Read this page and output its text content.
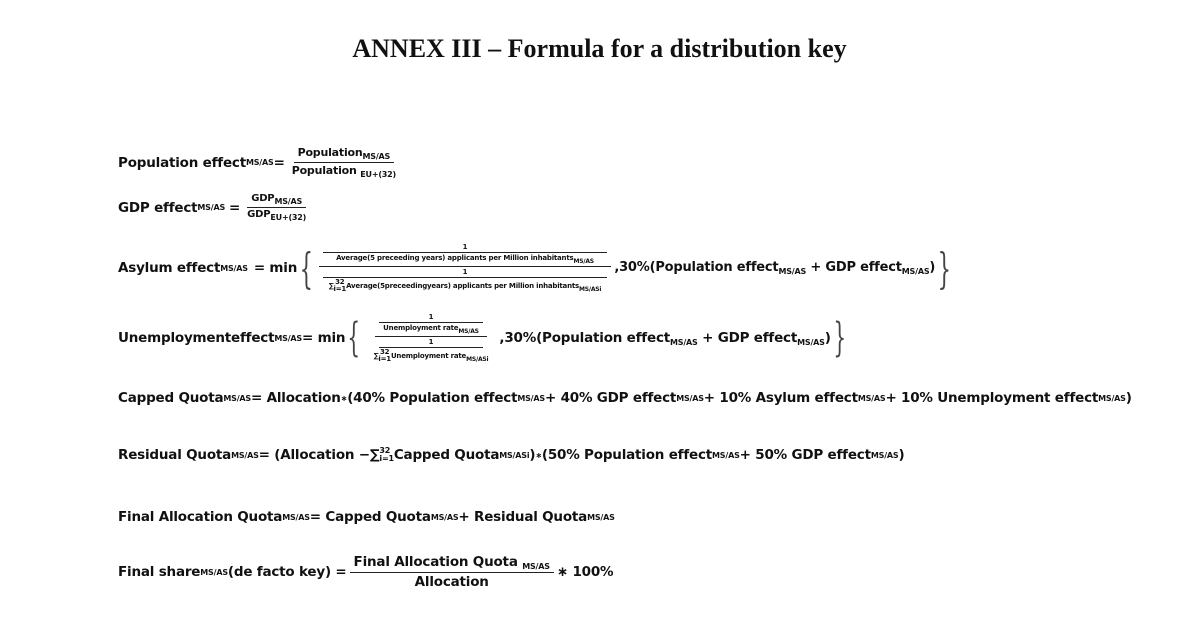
ANNEX III – Formula for a distribution key
Population effect $MS/AS = \frac{Population_{MS/AS}}{Population _{EU+(32)}}$
GDP effect $MS/AS = \frac{GDP_{MS/AS}}{GDP_{EU+(32)}}$
Asylum effect MS/AS = min {	1
Average(5 preceeding years) applicants per Million inhabitants$_{MS/AS}$
1
∑ 32
i=1 Average(5preceedingyears) applicants per Million inhabitants$_{MS/ASi}$
,30%(Population effect$_{MS/AS}$ + GDP effect$_{MS/AS}$) }
Unemploymenteffect MS/AS = min { $\frac{1}{Unemployment rate_{MS/AS}}$
1
∑ 32
i=1 Unemployment rate$_{MS/ASi}$ ,30%(Population effect$_{MS/AS}$ + GDP effect$_{MS/AS}$) }
Capped Quota MS/AS = Allocation ∗ (40% Population effect MS/AS + 40% GDP effect MS/AS + 10% Asylum effect MS/AS + 10% Unemployment effect MS/AS )
Residual Quota MS/AS = (Allocation − ∑ 32
i=1 Capped Quota MS/ASi ) ∗ (50% Population effect MS/AS + 50% GDP effect MS/AS )
Final Allocation Quota MS/AS = Capped Quota MS/AS + Residual Quota MS/AS
Final share MS/AS (de facto $key) = \frac{Final Allocation Quota _{MS/AS}}{\text{Allocation}}$ ∗ 100%
